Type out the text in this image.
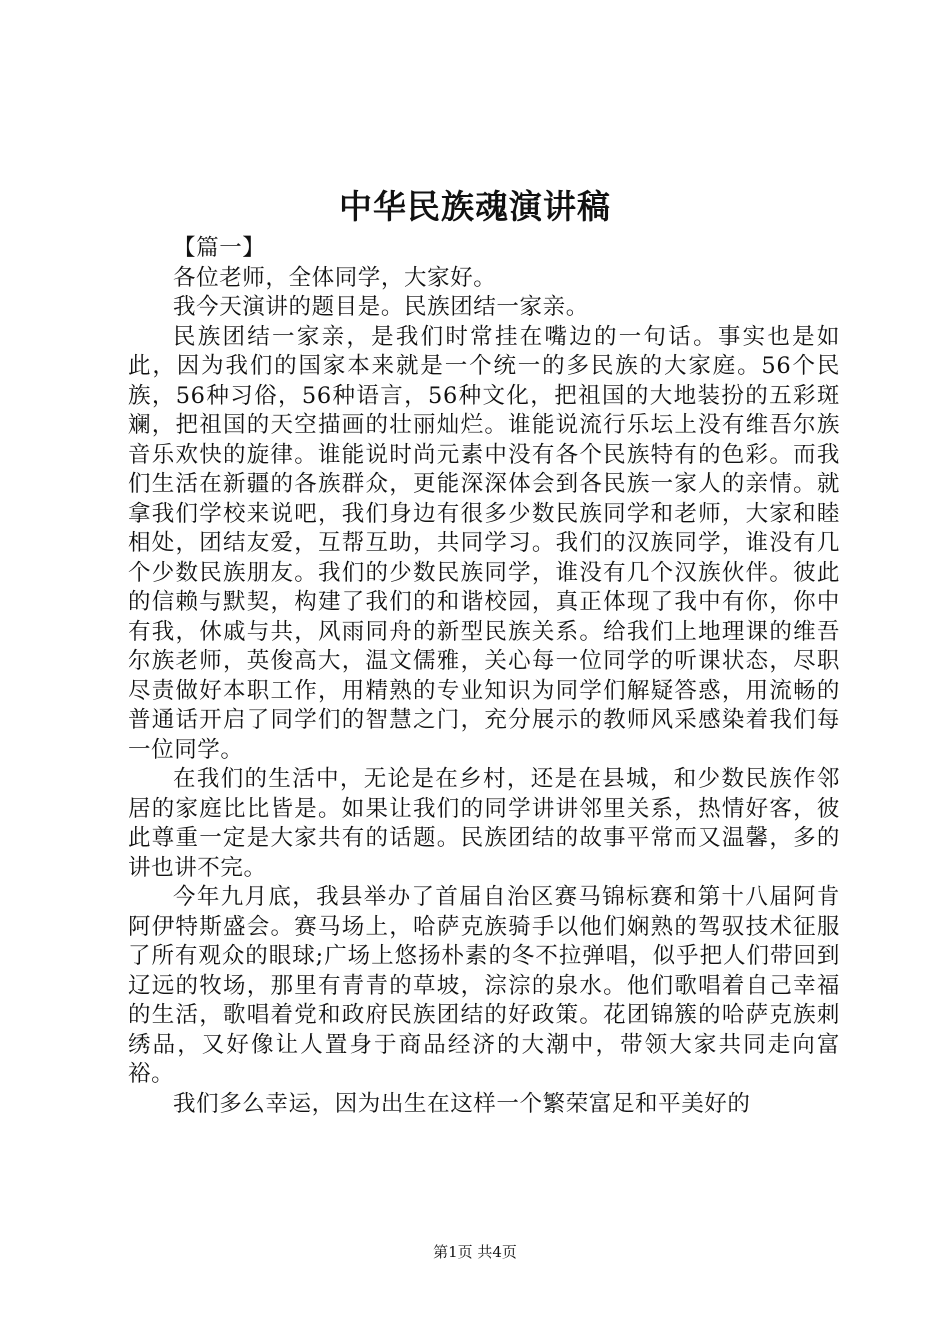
中华民族魂演讲稿

【篇一】

各位老师，全体同学，大家好。

我今天演讲的题目是。民族团结一家亲。

民族团结一家亲，是我们时常挂在嘴边的一句话。事实也是如此，因为我们的国家本来就是一个统一的多民族的大家庭。56个民族，56种习俗，56种语言，56种文化，把祖国的大地装扮的五彩斑斓，把祖国的天空描画的壮丽灿烂。谁能说流行乐坛上没有维吾尔族音乐欢快的旋律。谁能说时尚元素中没有各个民族特有的色彩。而我们生活在新疆的各族群众，更能深深体会到各民族一家人的亲情。就拿我们学校来说吧，我们身边有很多少数民族同学和老师，大家和睦相处，团结友爱，互帮互助，共同学习。我们的汉族同学，谁没有几个少数民族朋友。我们的少数民族同学，谁没有几个汉族伙伴。彼此的信赖与默契，构建了我们的和谐校园，真正体现了我中有你，你中有我，休戚与共，风雨同舟的新型民族关系。给我们上地理课的维吾尔族老师，英俊高大，温文儒雅，关心每一位同学的听课状态，尽职尽责做好本职工作，用精熟的专业知识为同学们解疑答惑，用流畅的普通话开启了同学们的智慧之门，充分展示的教师风采感染着我们每一位同学。

在我们的生活中，无论是在乡村，还是在县城，和少数民族作邻居的家庭比比皆是。如果让我们的同学讲讲邻里关系，热情好客，彼此尊重一定是大家共有的话题。民族团结的故事平常而又温馨，多的讲也讲不完。

今年九月底，我县举办了首届自治区赛马锦标赛和第十八届阿肯阿伊特斯盛会。赛马场上，哈萨克族骑手以他们娴熟的驾驭技术征服了所有观众的眼球;广场上悠扬朴素的冬不拉弹唱，似乎把人们带回到辽远的牧场，那里有青青的草坡，淙淙的泉水。他们歌唱着自己幸福的生活，歌唱着党和政府民族团结的好政策。花团锦簇的哈萨克族刺绣品，又好像让人置身于商品经济的大潮中，带领大家共同走向富裕。

我们多么幸运，因为出生在这样一个繁荣富足和平美好的

第1页 共4页
